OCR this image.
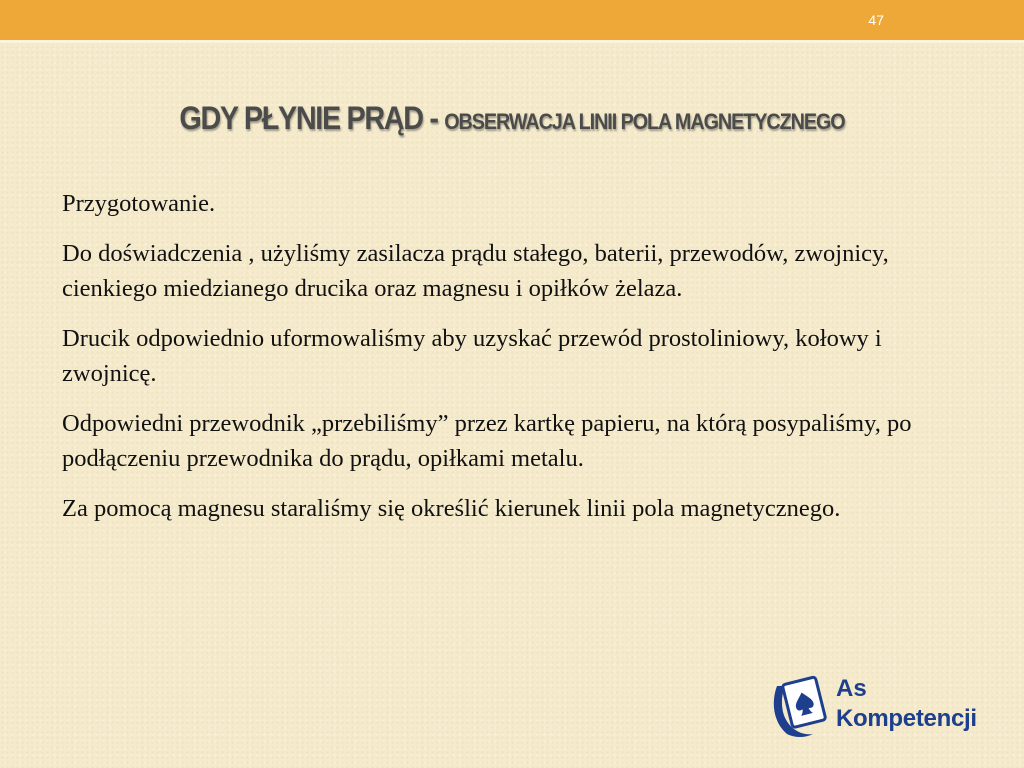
47
GDY PŁYNIE PRĄD - OBSERWACJA LINII POLA MAGNETYCZNEGO

Przygotowanie.

Do doświadczenia , użyliśmy zasilacza prądu stałego, baterii, przewodów, zwojnicy, cienkiego miedzianego drucika oraz magnesu i opiłków żelaza.

Drucik odpowiednio uformowaliśmy aby uzyskać przewód prostoliniowy, kołowy i zwojnicę.

Odpowiedni przewodnik „przebiliśmy” przez kartkę papieru, na którą posypaliśmy, po podłączeniu przewodnika do prądu, opiłkami metalu.

Za pomocą magnesu staraliśmy się określić kierunek linii pola magnetycznego.

As
Kompetencji
